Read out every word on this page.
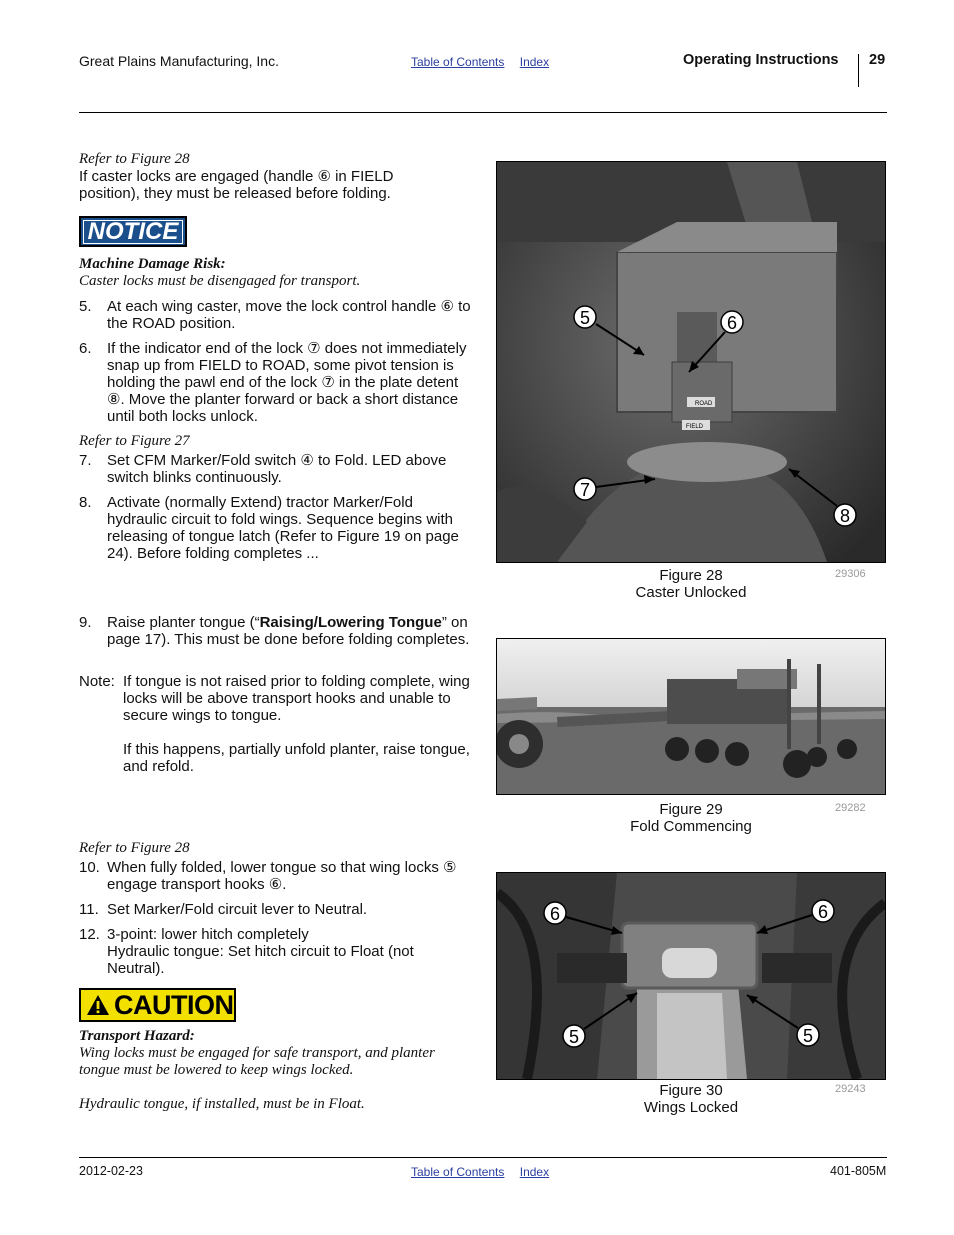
Great Plains Manufacturing, Inc.	Table of Contents Index	Operating Instructions 29
Refer to Figure 28

If caster locks are engaged (handle ⑥ in FIELD position), they must be released before folding.

NOTICE
Machine Damage Risk:
Caster locks must be disengaged for transport.
5. At each wing caster, move the lock control handle ⑥ to the ROAD position.
6. If the indicator end of the lock ⑦ does not immediately snap up from FIELD to ROAD, some pivot tension is holding the pawl end of the lock ⑦ in the plate detent ⑧. Move the planter forward or back a short distance until both locks unlock.
Refer to Figure 27
7. Set CFM Marker/Fold switch ④ to Fold. LED above switch blinks continuously.
8. Activate (normally Extend) tractor Marker/Fold hydraulic circuit to fold wings. Sequence begins with releasing of tongue latch (Refer to Figure 19 on page 24). Before folding completes ...
9. Raise planter tongue (“Raising/Lowering Tongue” on page 17). This must be done before folding completes.
Note: If tongue is not raised prior to folding complete, wing locks will be above transport hooks and unable to secure wings to tongue.
If this happens, partially unfold planter, raise tongue, and refold.
Refer to Figure 28
10. When fully folded, lower tongue so that wing locks ⑤ engage transport hooks ⑥.
11. Set Marker/Fold circuit lever to Neutral.
12. 3-point: lower hitch completely
Hydraulic tongue: Set hitch circuit to Float (not Neutral).
CAUTION
Transport Hazard:
Wing locks must be engaged for safe transport, and planter tongue must be lowered to keep wings locked.
Hydraulic tongue, if installed, must be in Float.
5	6
7
8
ROAD
FIELD
Figure 28
Caster Unlocked
29306
Figure 29
Fold Commencing
29282
6	6
5	5
Figure 30
Wings Locked
29243
2012-02-23	Table of Contents Index	401-805M
